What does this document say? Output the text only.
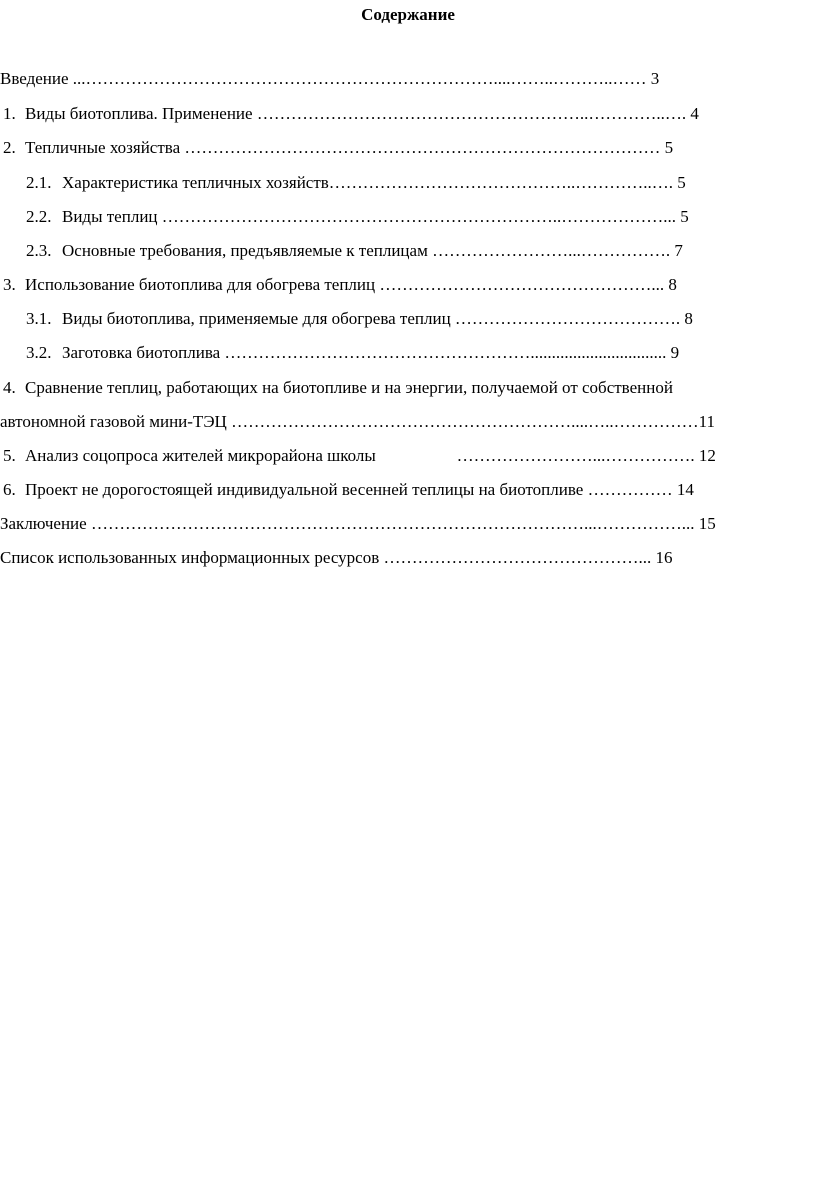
Содержание
Введение ...………………………………………………………………....……..………..…… 3
1. Виды биотоплива. Применение …………………………………………………..…………..…. 4
2. Тепличные хозяйства ………………………………………………………………………… 5
2.1. Характеристика тепличных хозяйств……………………………………..…………..…. 5
2.2. Виды теплиц ……………………………………………………………..………………... 5
2.3. Основные требования, предъявляемые к теплицам ……………………...……………. 7
3. Использование биотоплива для обогрева теплиц …………………………………………... 8
3.1. Виды биотоплива, применяемые для обогрева теплиц …………………………………. 8
3.2. Заготовка биотоплива ………………………………………………................................ 9
4. Сравнение теплиц, работающих на биотопливе и на энергии, получаемой от собственной
автономной газовой мини-ТЭЦ ……………………………………………………....…..……………11
5. Анализ соцопроса жителей микрорайона школы                   ……………………...……………. 12
6. Проект не дорогостоящей индивидуальной весенней теплицы на биотопливе …………… 14
Заключение ……………………………………………………………………………...……………... 15
Список использованных информационных ресурсов ………………………………………... 16
